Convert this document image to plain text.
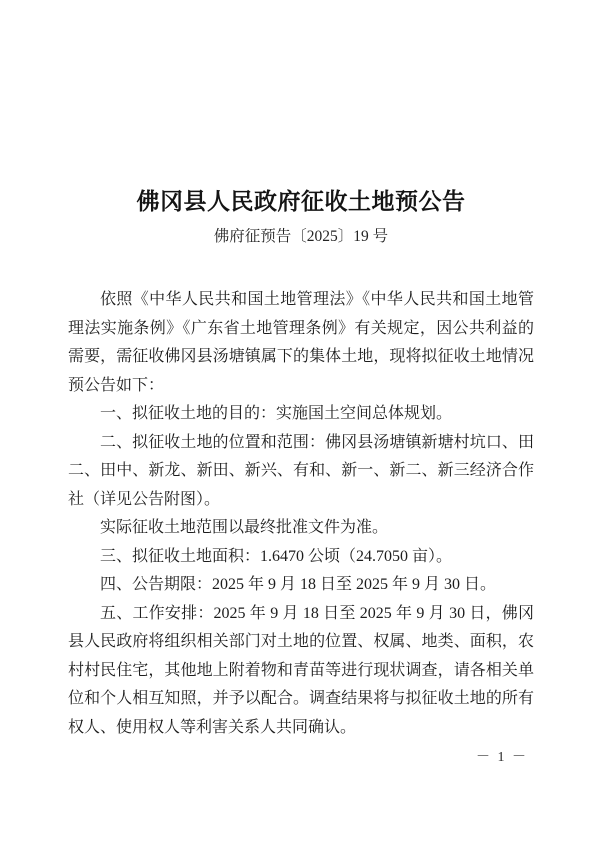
佛冈县人民政府征收土地预公告
佛府征预告〔2025〕19 号

依照《中华人民共和国土地管理法》《中华人民共和国土地管理法实施条例》《广东省土地管理条例》有关规定，因公共利益的需要，需征收佛冈县汤塘镇属下的集体土地，现将拟征收土地情况预公告如下：

一、拟征收土地的目的：实施国土空间总体规划。

二、拟征收土地的位置和范围：佛冈县汤塘镇新塘村坑口、田二、田中、新龙、新田、新兴、有和、新一、新二、新三经济合作社（详见公告附图）。

实际征收土地范围以最终批准文件为准。

三、拟征收土地面积：1.6470 公顷（24.7050 亩）。

四、公告期限：2025 年 9 月 18 日至 2025 年 9 月 30 日。

五、工作安排：2025 年 9 月 18 日至 2025 年 9 月 30 日，佛冈县人民政府将组织相关部门对土地的位置、权属、地类、面积，农村村民住宅，其他地上附着物和青苗等进行现状调查，请各相关单位和个人相互知照，并予以配合。调查结果将与拟征收土地的所有权人、使用权人等利害关系人共同确认。

－ 1 －
